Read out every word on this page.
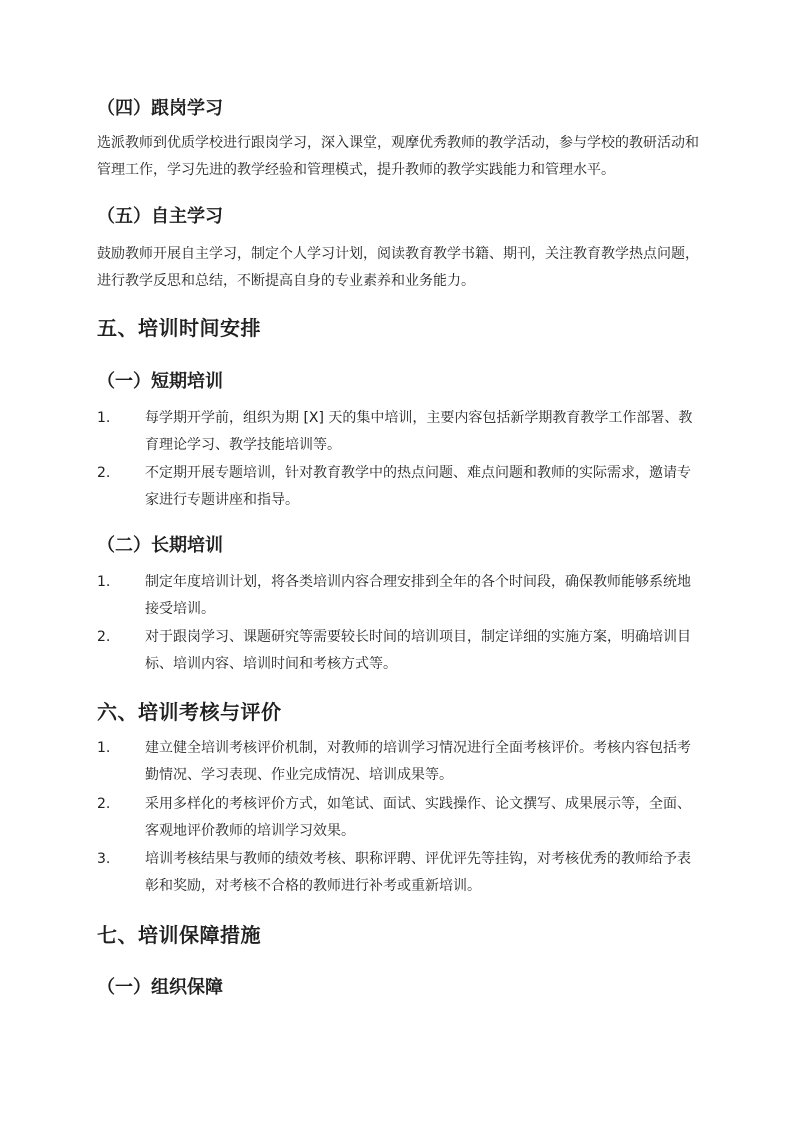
（四）跟岗学习

选派教师到优质学校进行跟岗学习，深入课堂，观摩优秀教师的教学活动，参与学校的教研活动和管理工作，学习先进的教学经验和管理模式，提升教师的教学实践能力和管理水平。

（五）自主学习

鼓励教师开展自主学习，制定个人学习计划，阅读教育教学书籍、期刊，关注教育教学热点问题，进行教学反思和总结，不断提高自身的专业素养和业务能力。

五、培训时间安排
（一）短期培训
1.	每学期开学前，组织为期 [X] 天的集中培训，主要内容包括新学期教育教学工作部署、教育理论学习、教学技能培训等。
2.	不定期开展专题培训，针对教育教学中的热点问题、难点问题和教师的实际需求，邀请专家进行专题讲座和指导。
（二）长期培训
1.	制定年度培训计划，将各类培训内容合理安排到全年的各个时间段，确保教师能够系统地接受培训。
2.	对于跟岗学习、课题研究等需要较长时间的培训项目，制定详细的实施方案，明确培训目标、培训内容、培训时间和考核方式等。
六、培训考核与评价
1.	建立健全培训考核评价机制，对教师的培训学习情况进行全面考核评价。考核内容包括考勤情况、学习表现、作业完成情况、培训成果等。
2.	采用多样化的考核评价方式，如笔试、面试、实践操作、论文撰写、成果展示等，全面、客观地评价教师的培训学习效果。
3.	培训考核结果与教师的绩效考核、职称评聘、评优评先等挂钩，对考核优秀的教师给予表彰和奖励，对考核不合格的教师进行补考或重新培训。
七、培训保障措施
（一）组织保障
